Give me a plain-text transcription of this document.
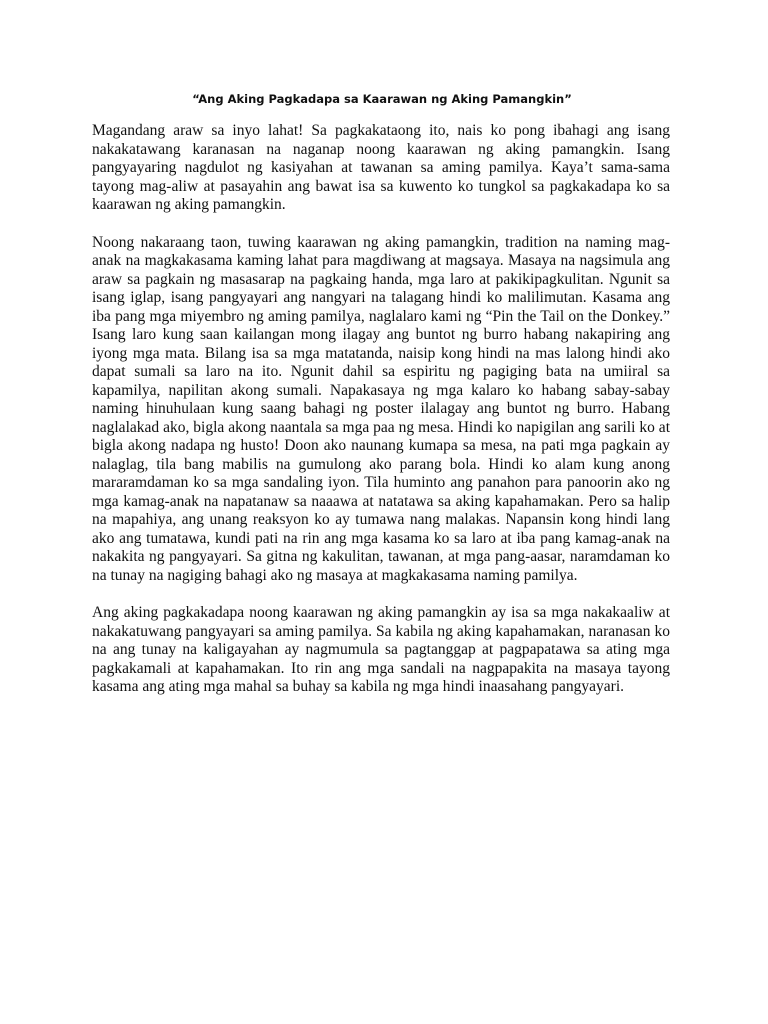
“Ang Aking Pagkadapa sa Kaarawan ng Aking Pamangkin”

Magandang araw sa inyo lahat! Sa pagkakataong ito, nais ko pong ibahagi ang isang nakakatawang karanasan na naganap noong kaarawan ng aking pamangkin. Isang pangyayaring nagdulot ng kasiyahan at tawanan sa aming pamilya. Kaya’t sama-sama tayong mag-aliw at pasayahin ang bawat isa sa kuwento ko tungkol sa pagkakadapa ko sa kaarawan ng aking pamangkin.

Noong nakaraang taon, tuwing kaarawan ng aking pamangkin, tradition na naming mag-anak na magkakasama kaming lahat para magdiwang at magsaya. Masaya na nagsimula ang araw sa pagkain ng masasarap na pagkaing handa, mga laro at pakikipagkulitan. Ngunit sa isang iglap, isang pangyayari ang nangyari na talagang hindi ko malilimutan. Kasama ang iba pang mga miyembro ng aming pamilya, naglalaro kami ng “Pin the Tail on the Donkey.” Isang laro kung saan kailangan mong ilagay ang buntot ng burro habang nakapiring ang iyong mga mata. Bilang isa sa mga matatanda, naisip kong hindi na mas lalong hindi ako dapat sumali sa laro na ito. Ngunit dahil sa espiritu ng pagiging bata na umiiral sa kapamilya, napilitan akong sumali. Napakasaya ng mga kalaro ko habang sabay-sabay naming hinuhulaan kung saang bahagi ng poster ilalagay ang buntot ng burro. Habang naglalakad ako, bigla akong naantala sa mga paa ng mesa. Hindi ko napigilan ang sarili ko at bigla akong nadapa ng husto! Doon ako naunang kumapa sa mesa, na pati mga pagkain ay nalaglag, tila bang mabilis na gumulong ako parang bola. Hindi ko alam kung anong mararamdaman ko sa mga sandaling iyon. Tila huminto ang panahon para panoorin ako ng mga kamag-anak na napatanaw sa naaawa at natatawa sa aking kapahamakan. Pero sa halip na mapahiya, ang unang reaksyon ko ay tumawa nang malakas. Napansin kong hindi lang ako ang tumatawa, kundi pati na rin ang mga kasama ko sa laro at iba pang kamag-anak na nakakita ng pangyayari. Sa gitna ng kakulitan, tawanan, at mga pang-aasar, naramdaman ko na tunay na nagiging bahagi ako ng masaya at magkakasama naming pamilya.

Ang aking pagkakadapa noong kaarawan ng aking pamangkin ay isa sa mga nakakaaliw at nakakatuwang pangyayari sa aming pamilya. Sa kabila ng aking kapahamakan, naranasan ko na ang tunay na kaligayahan ay nagmumula sa pagtanggap at pagpapatawa sa ating mga pagkakamali at kapahamakan. Ito rin ang mga sandali na nagpapakita na masaya tayong kasama ang ating mga mahal sa buhay sa kabila ng mga hindi inaasahang pangyayari.
